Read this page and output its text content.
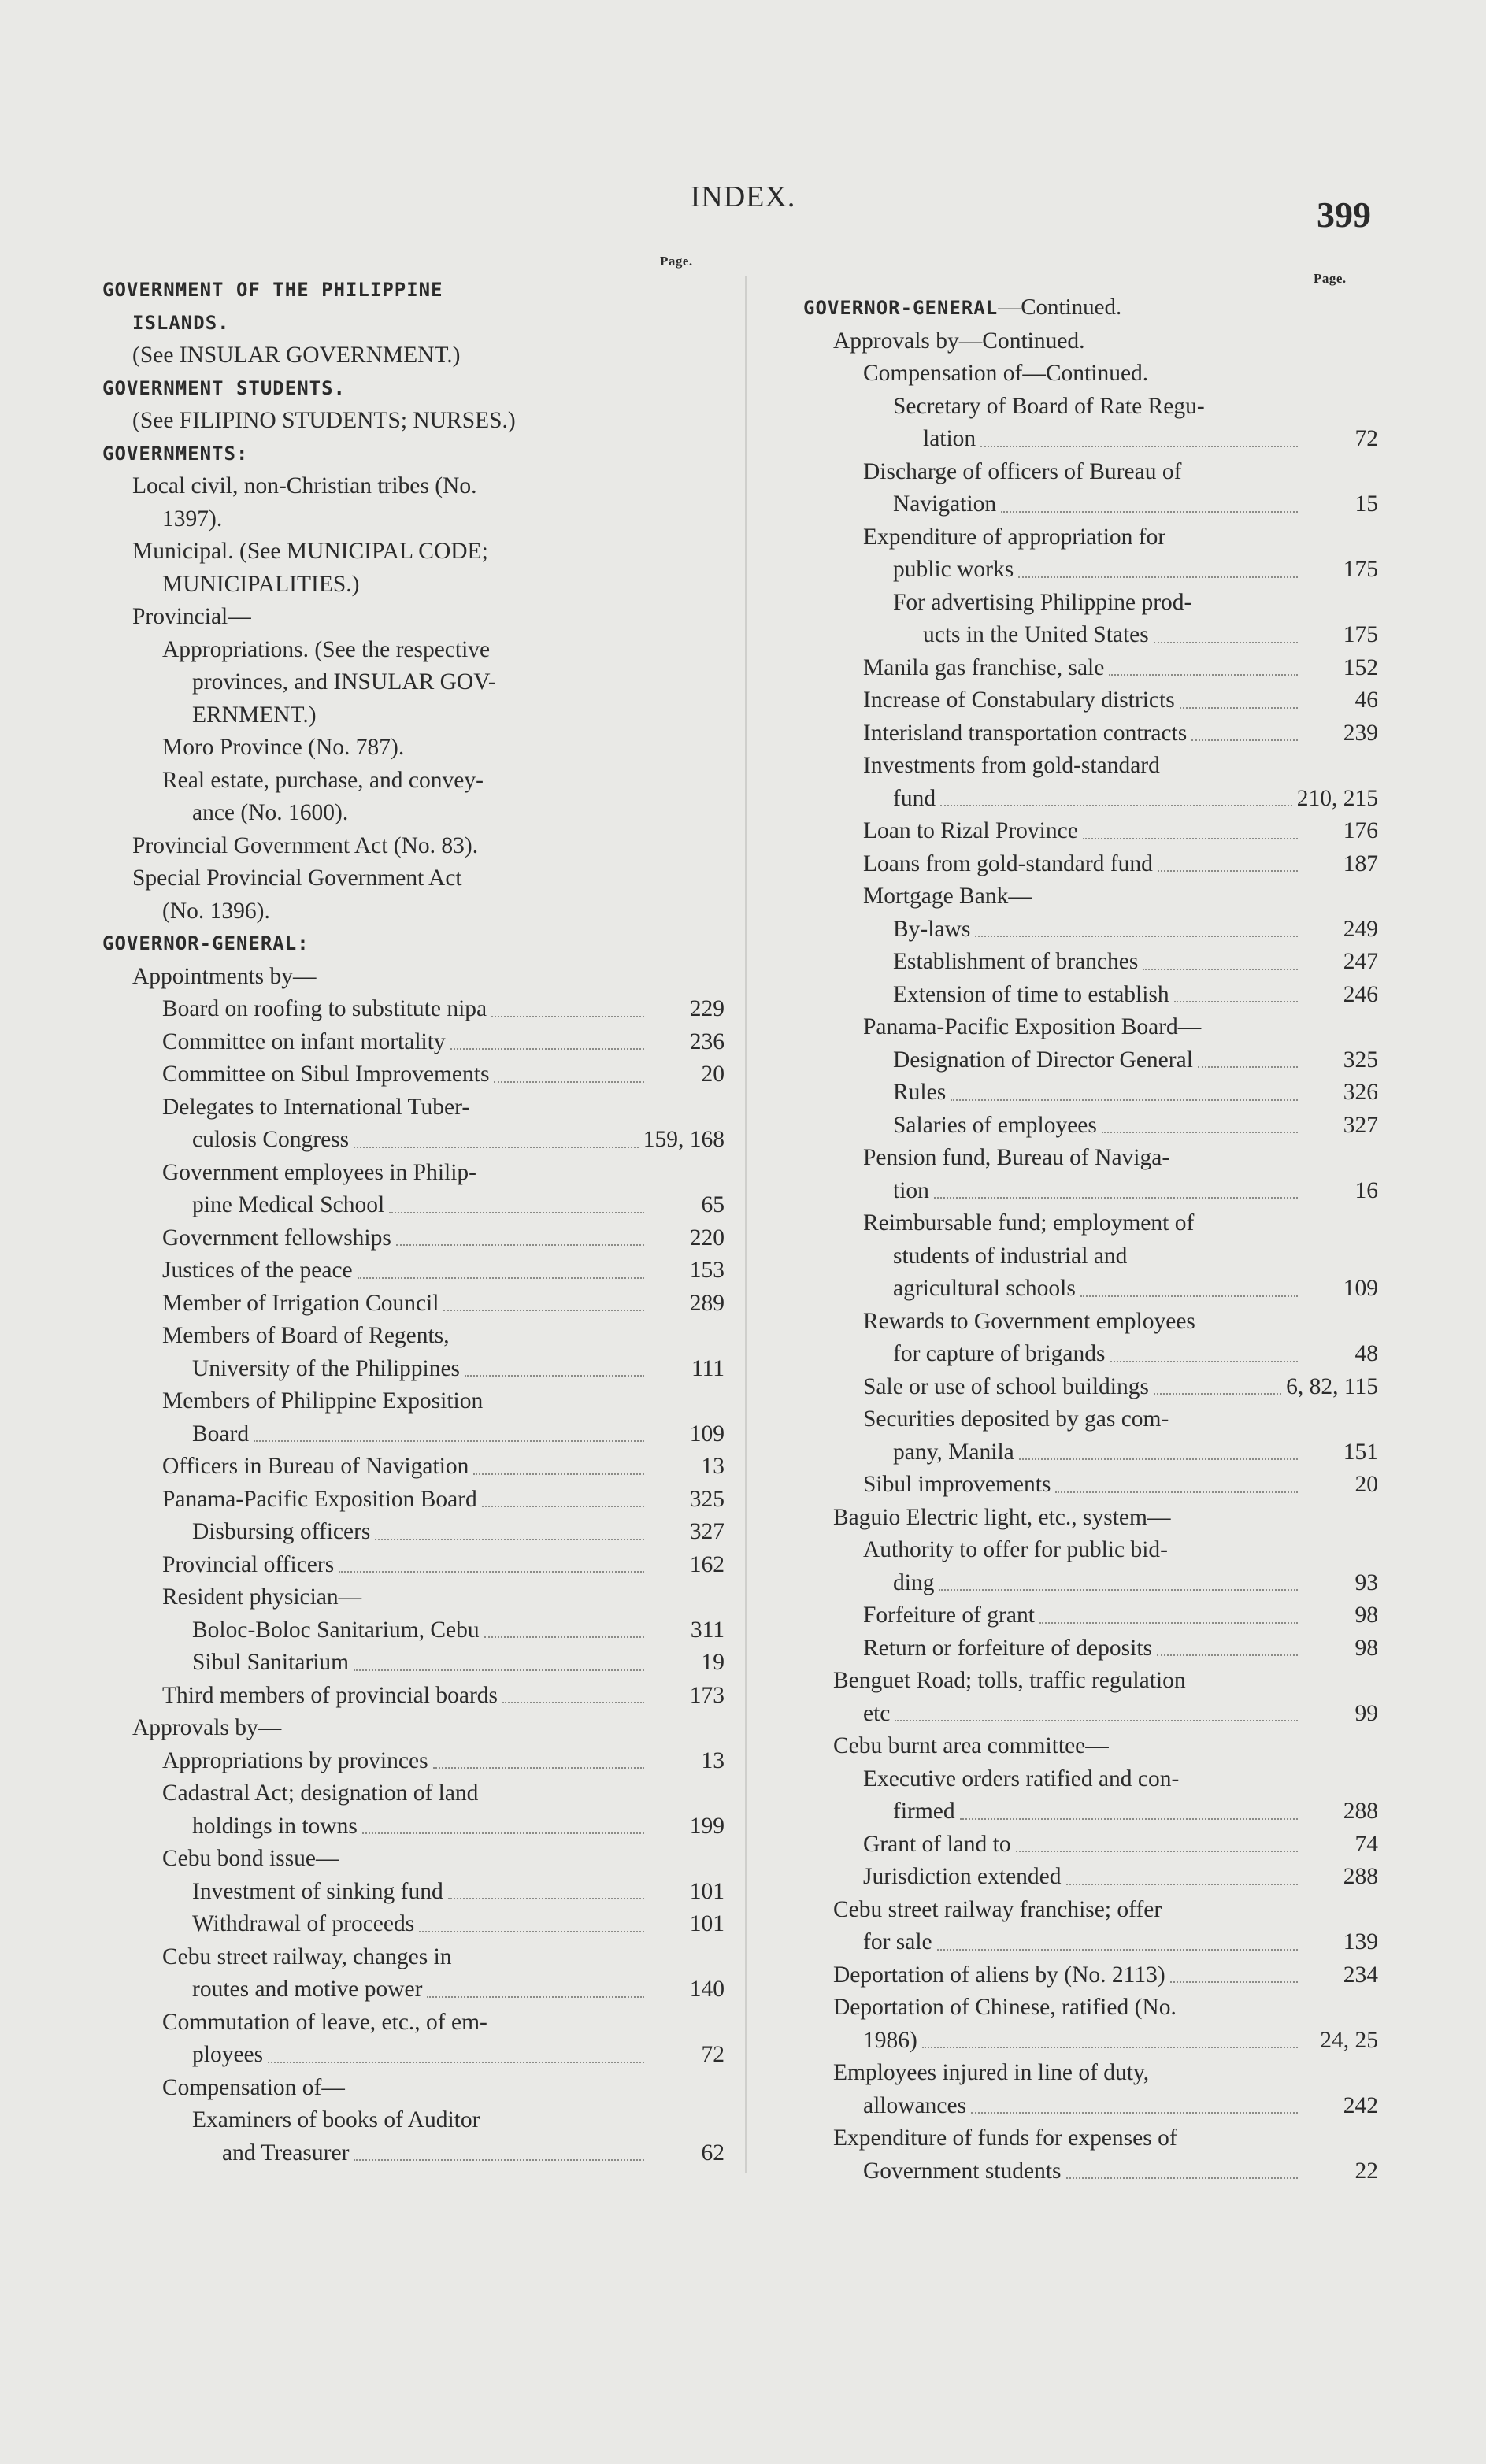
INDEX.	399
Page.
Page.
GOVERNMENT OF THE PHILIPPINE
ISLANDS.
(See INSULAR GOVERNMENT.)
GOVERNMENT STUDENTS.
(See FILIPINO STUDENTS; NURSES.)
GOVERNMENTS:
Local civil, non-Christian tribes (No.
1397).
Municipal. (See MUNICIPAL CODE;
MUNICIPALITIES.)
Provincial—
Appropriations. (See the respective
provinces, and INSULAR GOV-
ERNMENT.)
Moro Province (No. 787).
Real estate, purchase, and convey-
ance (No. 1600).
Provincial Government Act (No. 83).
Special Provincial Government Act
(No. 1396).
GOVERNOR-GENERAL:
Appointments by—
Board on roofing to substitute nipa	229
Committee on infant mortality	236
Committee on Sibul Improvements	20
Delegates to International Tuber-
culosis Congress	159, 168
Government employees in Philip-
pine Medical School	65
Government fellowships	220
Justices of the peace	153
Member of Irrigation Council	289
Members of Board of Regents,
University of the Philippines	111
Members of Philippine Exposition
Board	109
Officers in Bureau of Navigation	13
Panama-Pacific Exposition Board	325
Disbursing officers	327
Provincial officers	162
Resident physician—
Boloc-Boloc Sanitarium, Cebu	311
Sibul Sanitarium	19
Third members of provincial boards	173
Approvals by—
Appropriations by provinces	13
Cadastral Act; designation of land
holdings in towns	199
Cebu bond issue—
Investment of sinking fund	101
Withdrawal of proceeds	101
Cebu street railway, changes in
routes and motive power	140
Commutation of leave, etc., of em-
ployees	72
Compensation of—
Examiners of books of Auditor
and Treasurer	62
GOVERNOR-GENERAL—Continued.
Approvals by—Continued.
Compensation of—Continued.
Secretary of Board of Rate Regu-
lation	72
Discharge of officers of Bureau of
Navigation	15
Expenditure of appropriation for
public works	175
For advertising Philippine prod-
ucts in the United States	175
Manila gas franchise, sale	152
Increase of Constabulary districts	46
Interisland transportation contracts	239
Investments from gold-standard
fund	210, 215
Loan to Rizal Province	176
Loans from gold-standard fund	187
Mortgage Bank—
By-laws	249
Establishment of branches	247
Extension of time to establish	246
Panama-Pacific Exposition Board—
Designation of Director General	325
Rules	326
Salaries of employees	327
Pension fund, Bureau of Naviga-
tion	16
Reimbursable fund; employment of
students of industrial and
agricultural schools	109
Rewards to Government employees
for capture of brigands	48
Sale or use of school buildings	6, 82, 115
Securities deposited by gas com-
pany, Manila	151
Sibul improvements	20
Baguio Electric light, etc., system—
Authority to offer for public bid-
ding	93
Forfeiture of grant	98
Return or forfeiture of deposits	98
Benguet Road; tolls, traffic regulation
etc	99
Cebu burnt area committee—
Executive orders ratified and con-
firmed	288
Grant of land to	74
Jurisdiction extended	288
Cebu street railway franchise; offer
for sale	139
Deportation of aliens by (No. 2113)	234
Deportation of Chinese, ratified (No.
1986)	24, 25
Employees injured in line of duty,
allowances	242
Expenditure of funds for expenses of
Government students	22
